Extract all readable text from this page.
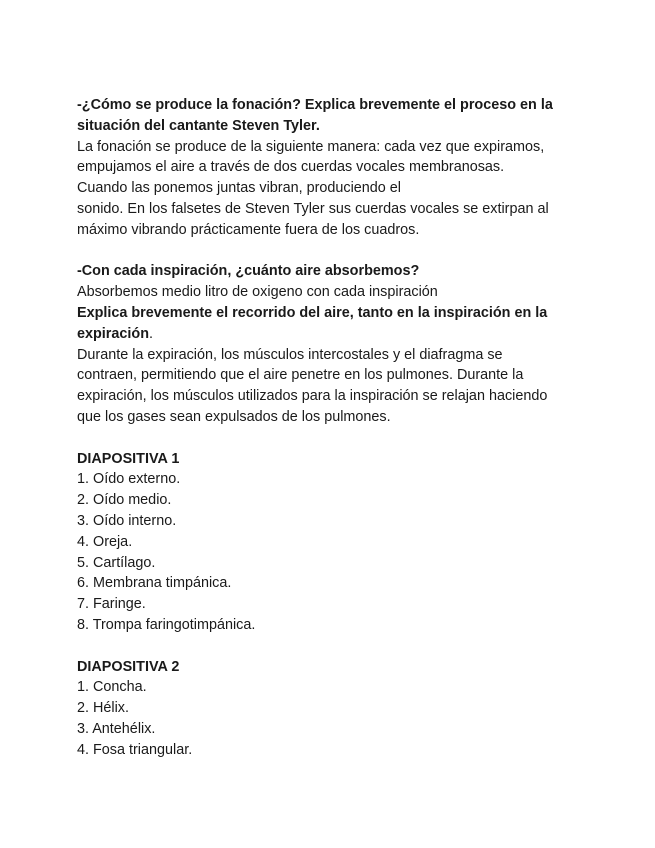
-¿Cómo se produce la fonación? Explica brevemente el proceso en la
situación del cantante Steven Tyler.
La fonación se produce de la siguiente manera: cada vez que expiramos,
empujamos el aire a través de dos cuerdas vocales membranosas.
Cuando las ponemos juntas vibran, produciendo el
sonido. En los falsetes de Steven Tyler sus cuerdas vocales se extirpan al
máximo vibrando prácticamente fuera de los cuadros.
-Con cada inspiración, ¿cuánto aire absorbemos?
Absorbemos medio litro de oxigeno con cada inspiración
Explica brevemente el recorrido del aire, tanto en la inspiración en la
expiración.
Durante la expiración, los músculos intercostales y el diafragma se
contraen, permitiendo que el aire penetre en los pulmones. Durante la
expiración, los músculos utilizados para la inspiración se relajan haciendo
que los gases sean expulsados de los pulmones.
DIAPOSITIVA 1
1. Oído externo.
2. Oído medio.
3. Oído interno.
4. Oreja.
5. Cartílago.
6. Membrana timpánica.
7. Faringe.
8. Trompa faringotimpánica.
DIAPOSITIVA 2
1. Concha.
2. Hélix.
3. Antehélix.
4. Fosa triangular.
